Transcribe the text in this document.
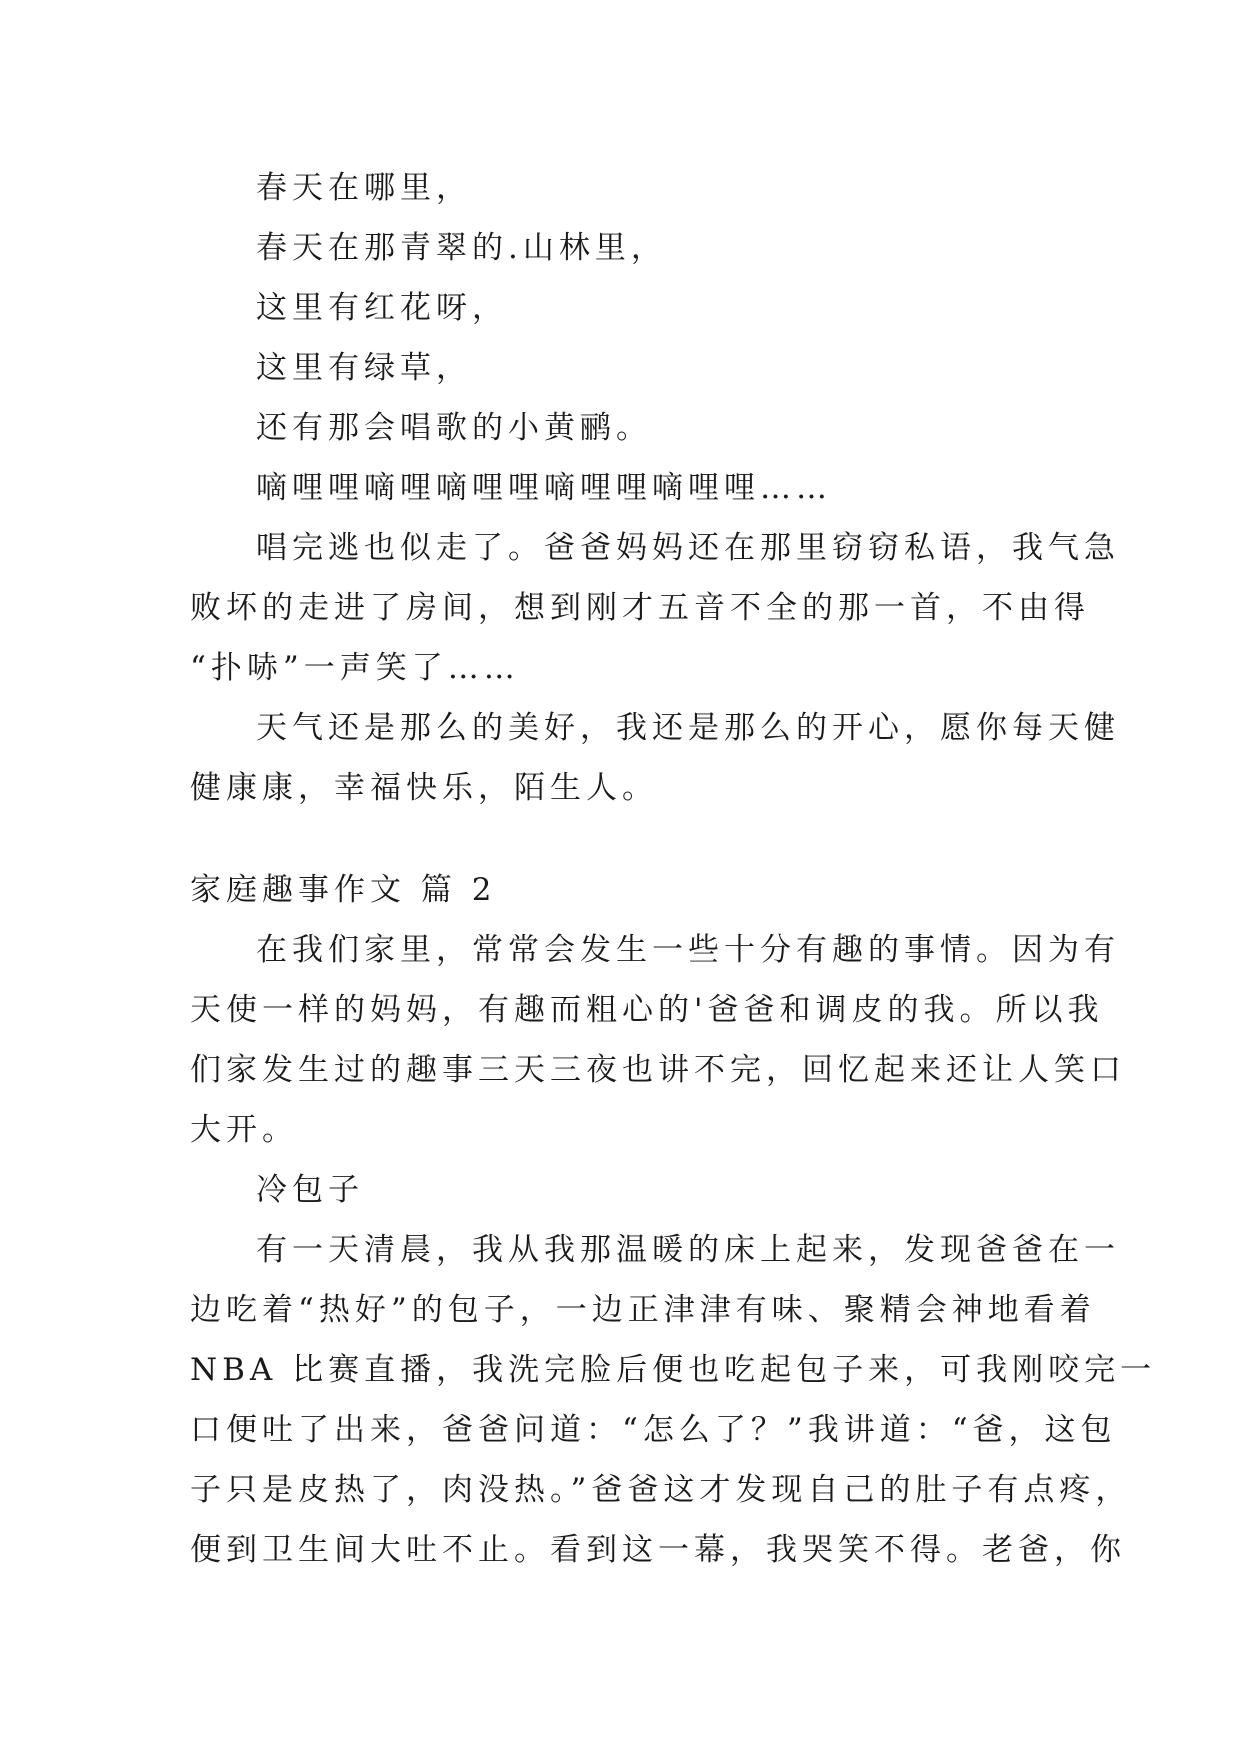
春天在哪里，
春天在那青翠的.山林里，
这里有红花呀，
这里有绿草，
还有那会唱歌的小黄鹂。
嘀哩哩嘀哩嘀哩哩嘀哩哩嘀哩哩……
唱完逃也似走了。爸爸妈妈还在那里窃窃私语，我气急
败坏的走进了房间，想到刚才五音不全的那一首，不由得
“扑哧”一声笑了……
天气还是那么的美好，我还是那么的开心，愿你每天健
健康康，幸福快乐，陌生人。
家庭趣事作文 篇 2
在我们家里，常常会发生一些十分有趣的事情。因为有
天使一样的妈妈，有趣而粗心的'爸爸和调皮的我。所以我
们家发生过的趣事三天三夜也讲不完，回忆起来还让人笑口
大开。
冷包子
有一天清晨，我从我那温暖的床上起来，发现爸爸在一
边吃着“热好”的包子，一边正津津有味、聚精会神地看着
NBA 比赛直播，我洗完脸后便也吃起包子来，可我刚咬完一
口便吐了出来，爸爸问道：“怎么了？”我讲道：“爸，这包
子只是皮热了，肉没热。”爸爸这才发现自己的肚子有点疼，
便到卫生间大吐不止。看到这一幕，我哭笑不得。老爸，你
